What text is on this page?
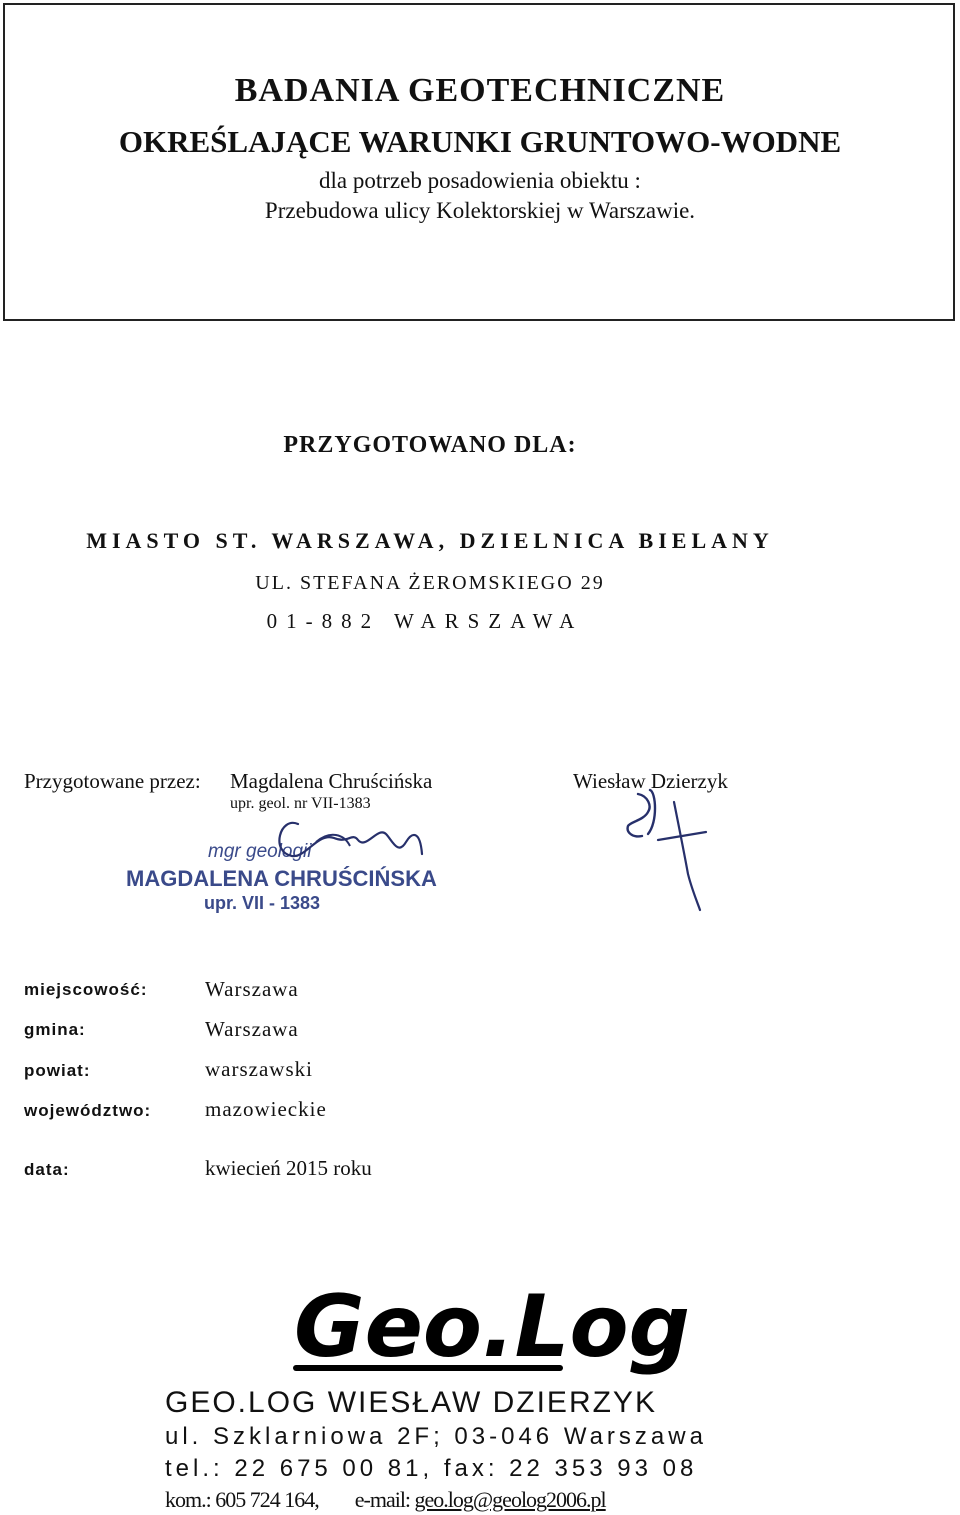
BADANIA GEOTECHNICZNE
OKREŚLAJĄCE WARUNKI GRUNTOWO-WODNE
dla potrzeb posadowienia obiektu :
Przebudowa ulicy Kolektorskiej w Warszawie.
PRZYGOTOWANO DLA:
MIASTO ST. WARSZAWA, DZIELNICA BIELANY
UL. STEFANA ŻEROMSKIEGO 29
01-882 WARSZAWA
Przygotowane przez: Magdalena Chruścińska
upr. geol. nr VII-1383
Wiesław Dzierzyk
mgr geologii
MAGDALENA CHRUŚCIŃSKA
upr. VII - 1383
miejscowość:	Warszawa
gmina:	Warszawa
powiat:	warszawski
województwo:	mazowieckie
data:	kwiecień 2015 roku
Geo.Log
GEO.LOG WIESŁAW DZIERZYK
ul. Szklarniowa 2F; 03-046 Warszawa
tel.: 22 675 00 81, fax: 22 353 93 08
kom.: 605 724 164, e-mail: geo.log@geolog2006.pl
